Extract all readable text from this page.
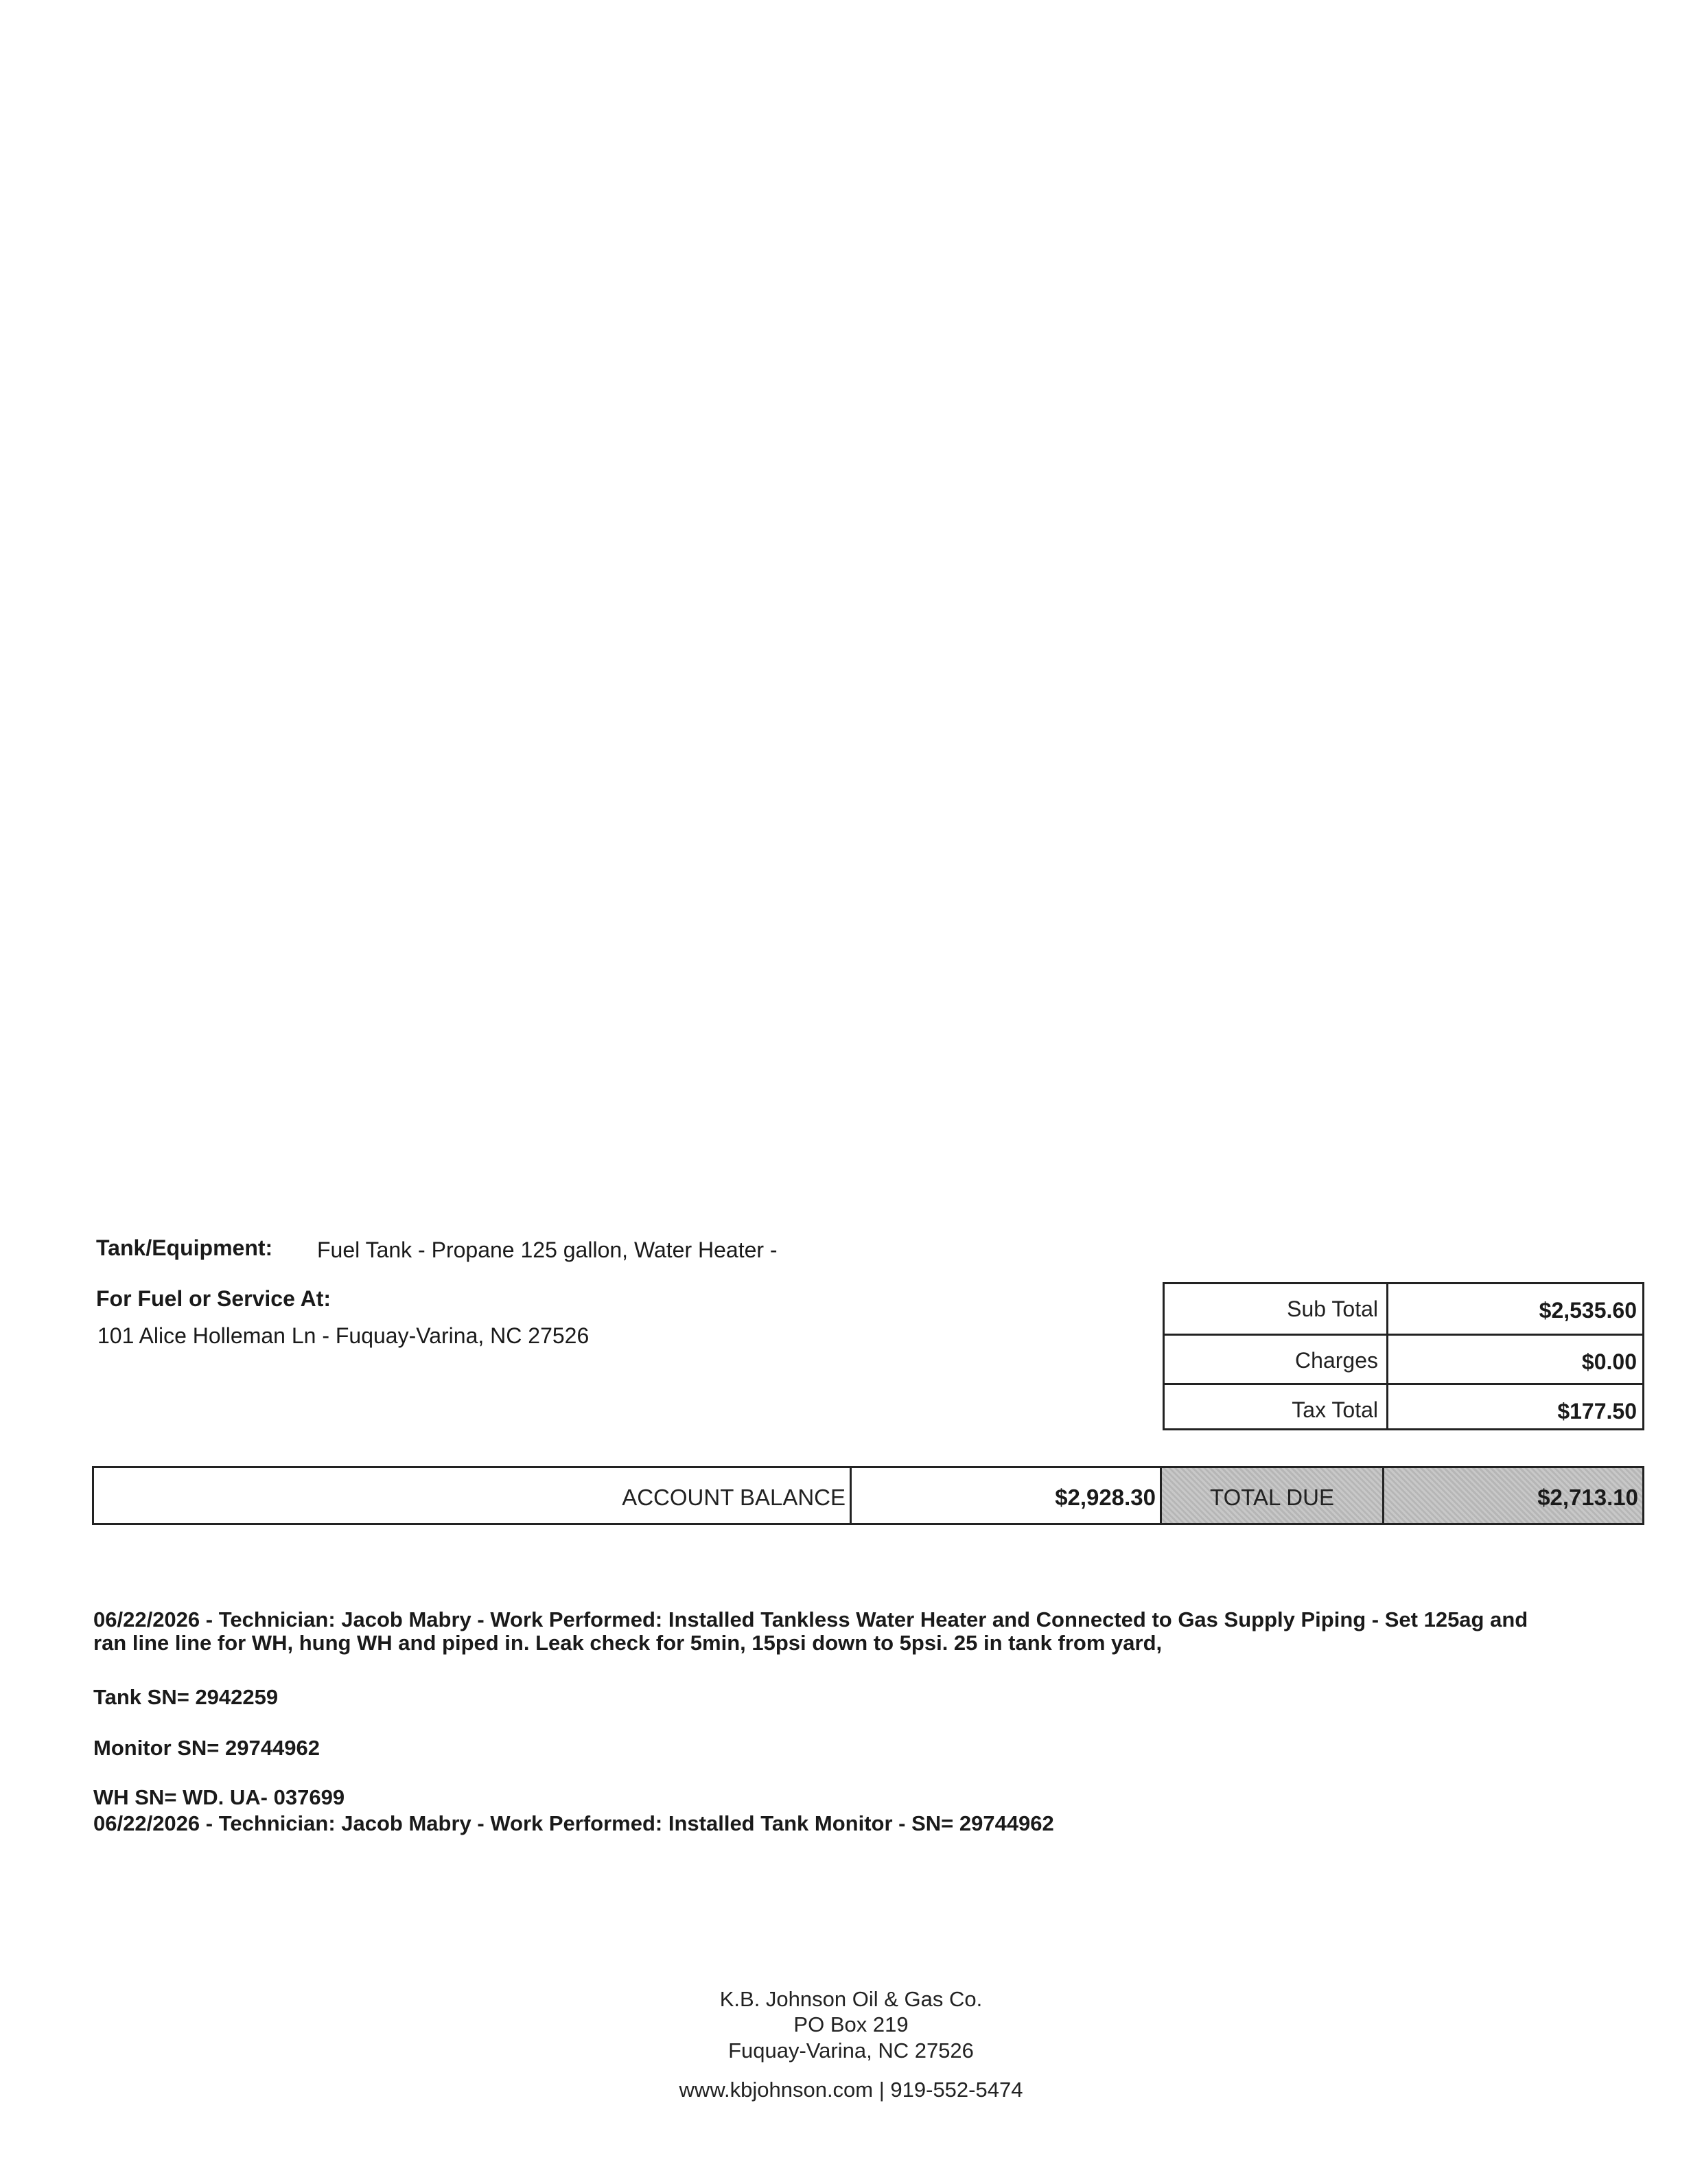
Tank/Equipment: Fuel Tank - Propane 125 gallon, Water Heater -
For Fuel or Service At:
101 Alice Holleman Ln - Fuquay-Varina, NC 27526
Sub Total	$2,535.60
Charges	$0.00
Tax Total	$177.50
ACCOUNT BALANCE	$2,928.30	TOTAL DUE	$2,713.10
06/22/2026 - Technician: Jacob Mabry - Work Performed: Installed Tankless Water Heater and Connected to Gas Supply Piping - Set 125ag and
ran line line for WH, hung WH and piped in. Leak check for 5min, 15psi down to 5psi. 25 in tank from yard,
Tank SN= 2942259
Monitor SN= 29744962
WH SN= WD. UA- 037699
06/22/2026 - Technician: Jacob Mabry - Work Performed: Installed Tank Monitor - SN= 29744962
K.B. Johnson Oil & Gas Co.
PO Box 219
Fuquay-Varina, NC 27526
www.kbjohnson.com | 919-552-5474
